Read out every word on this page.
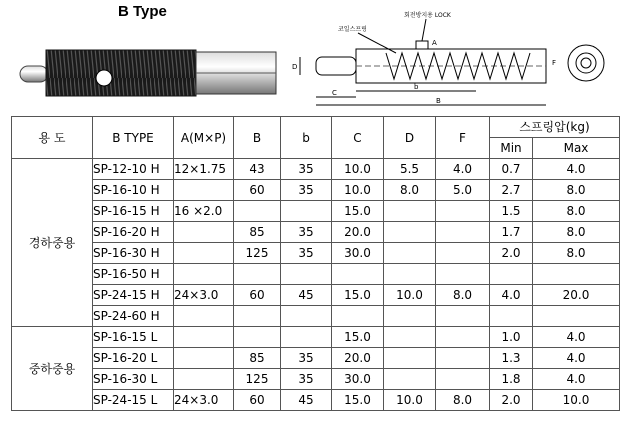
B Type	회전방지용 LOCK
코일스프링
A
D
C
b
B
F
용 도	B TYPE	A(M×P)	B	b	C	D	F	스프링압(kg)	
								Min	Max
경하중용	SP-12-10 H	12×1.75	43	35	10.0	5.5	4.0	0.7	4.0
	SP-16-10 H		60	35	10.0	8.0	5.0	2.7	8.0
	SP-16-15 H	16 ×2.0			15.0			1.5	8.0
	SP-16-20 H		85	35	20.0			1.7	8.0
	SP-16-30 H		125	35	30.0			2.0	8.0
	SP-16-50 H								
	SP-24-15 H	24×3.0	60	45	15.0	10.0	8.0	4.0	20.0
	SP-24-60 H								
중하중용	SP-16-15 L				15.0			1.0	4.0
	SP-16-20 L		85	35	20.0			1.3	4.0
	SP-16-30 L		125	35	30.0			1.8	4.0
	SP-24-15 L	24×3.0	60	45	15.0	10.0	8.0	2.0	10.0
